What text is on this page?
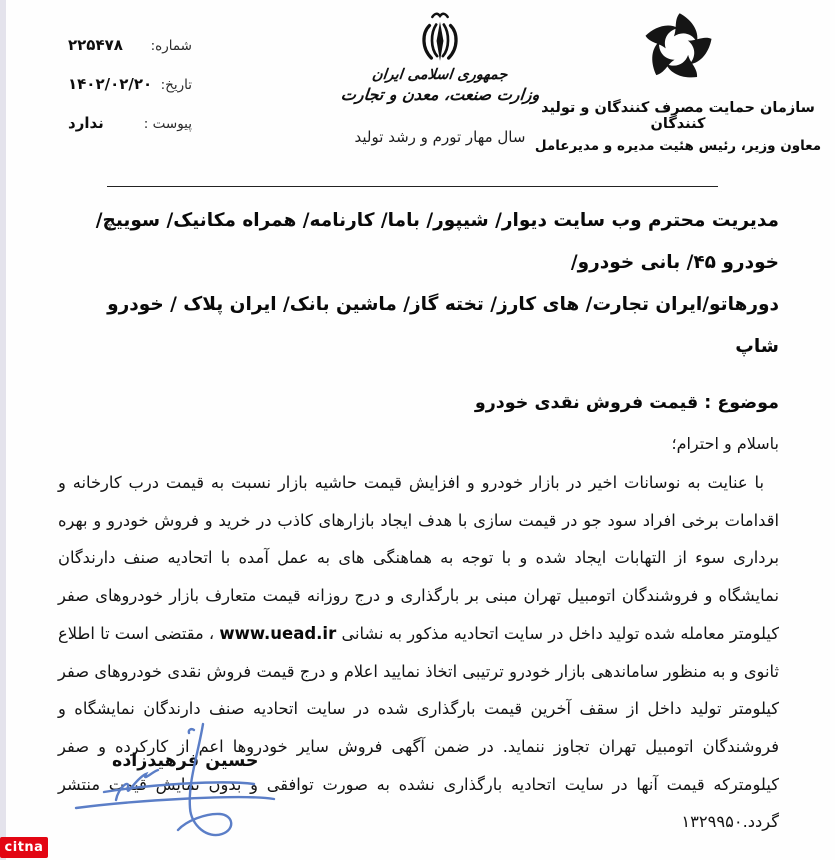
شماره:
۲۲۵۴۷۸
تاریخ:
۱۴۰۲/۰۲/۲۰
پیوست :
ندارد
جمهوری اسلامی ایران
وزارت صنعت، معدن و تجارت
سال مهار تورم و رشد تولید
سازمان حمایت مصرف کنندگان و تولید کنندگان
معاون وزیر، رئیس هئیت مدیره و مدیرعامل
مدیریت محترم وب سایت دیوار/ شیپور/ باما/ کارنامه/ همراه مکانیک/ سوییچ/ خودرو ۴۵/ بانی خودرو/
دورهاتو/ایران تجارت/ های کارز/ تخته گاز/ ماشین بانک/ ایران پلاک / خودرو شاپ
موضوع : قیمت فروش نقدی خودرو
باسلام و احترام؛

با عنایت به نوسانات اخیر در بازار خودرو و افزایش قیمت حاشیه بازار نسبت به قیمت درب کارخانه و اقدامات برخی افراد سود جو در قیمت سازی با هدف ایجاد بازارهای کاذب در خرید و فروش خودرو و بهره برداری سوء از التهابات ایجاد شده و با توجه به هماهنگی های به عمل آمده با اتحادیه صنف دارندگان نمایشگاه و فروشندگان اتومبیل تهران مبنی بر بارگذاری و درج روزانه قیمت متعارف بازار خودروهای صفر کیلومتر معامله شده تولید داخل در سایت اتحادیه مذکور به نشانی www.uead.ir ، مقتضی است تا اطلاع ثانوی و به منظور ساماندهی بازار خودرو ترتیبی اتخاذ نمایید اعلام و درج قیمت فروش نقدی خودروهای صفر کیلومتر تولید داخل از سقف آخرین قیمت بارگذاری شده در سایت اتحادیه صنف دارندگان نمایشگاه و فروشندگان اتومبیل تهران تجاوز ننماید. در ضمن آگهی فروش سایر خودروها اعم از کارکرده و صفر کیلومترکه قیمت آنها در سایت اتحادیه بارگذاری نشده به صورت توافقی و بدون نمایش قیمت منتشر گردد.۱۳۲۹۹۵۰

حسین فرهیدزاده
citna
